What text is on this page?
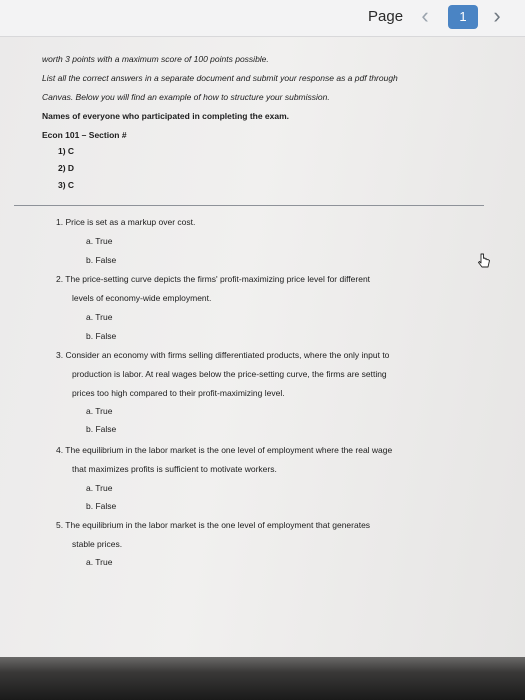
Page ‹	1	›
worth 3 points with a maximum score of 100 points possible.
List all the correct answers in a separate document and submit your response as a pdf through
Canvas. Below you will find an example of how to structure your submission.
Names of everyone who participated in completing the exam.
Econ 101 – Section #
1) C
2) D
3) C
1. Price is set as a markup over cost.
a. True
b. False
2. The price-setting curve depicts the firms' profit-maximizing price level for different
levels of economy-wide employment.
a. True
b. False
3. Consider an economy with firms selling differentiated products, where the only input to
production is labor. At real wages below the price-setting curve, the firms are setting
prices too high compared to their profit-maximizing level.
a. True
b. False
4. The equilibrium in the labor market is the one level of employment where the real wage
that maximizes profits is sufficient to motivate workers.
a. True
b. False
5. The equilibrium in the labor market is the one level of employment that generates
stable prices.
a. True
